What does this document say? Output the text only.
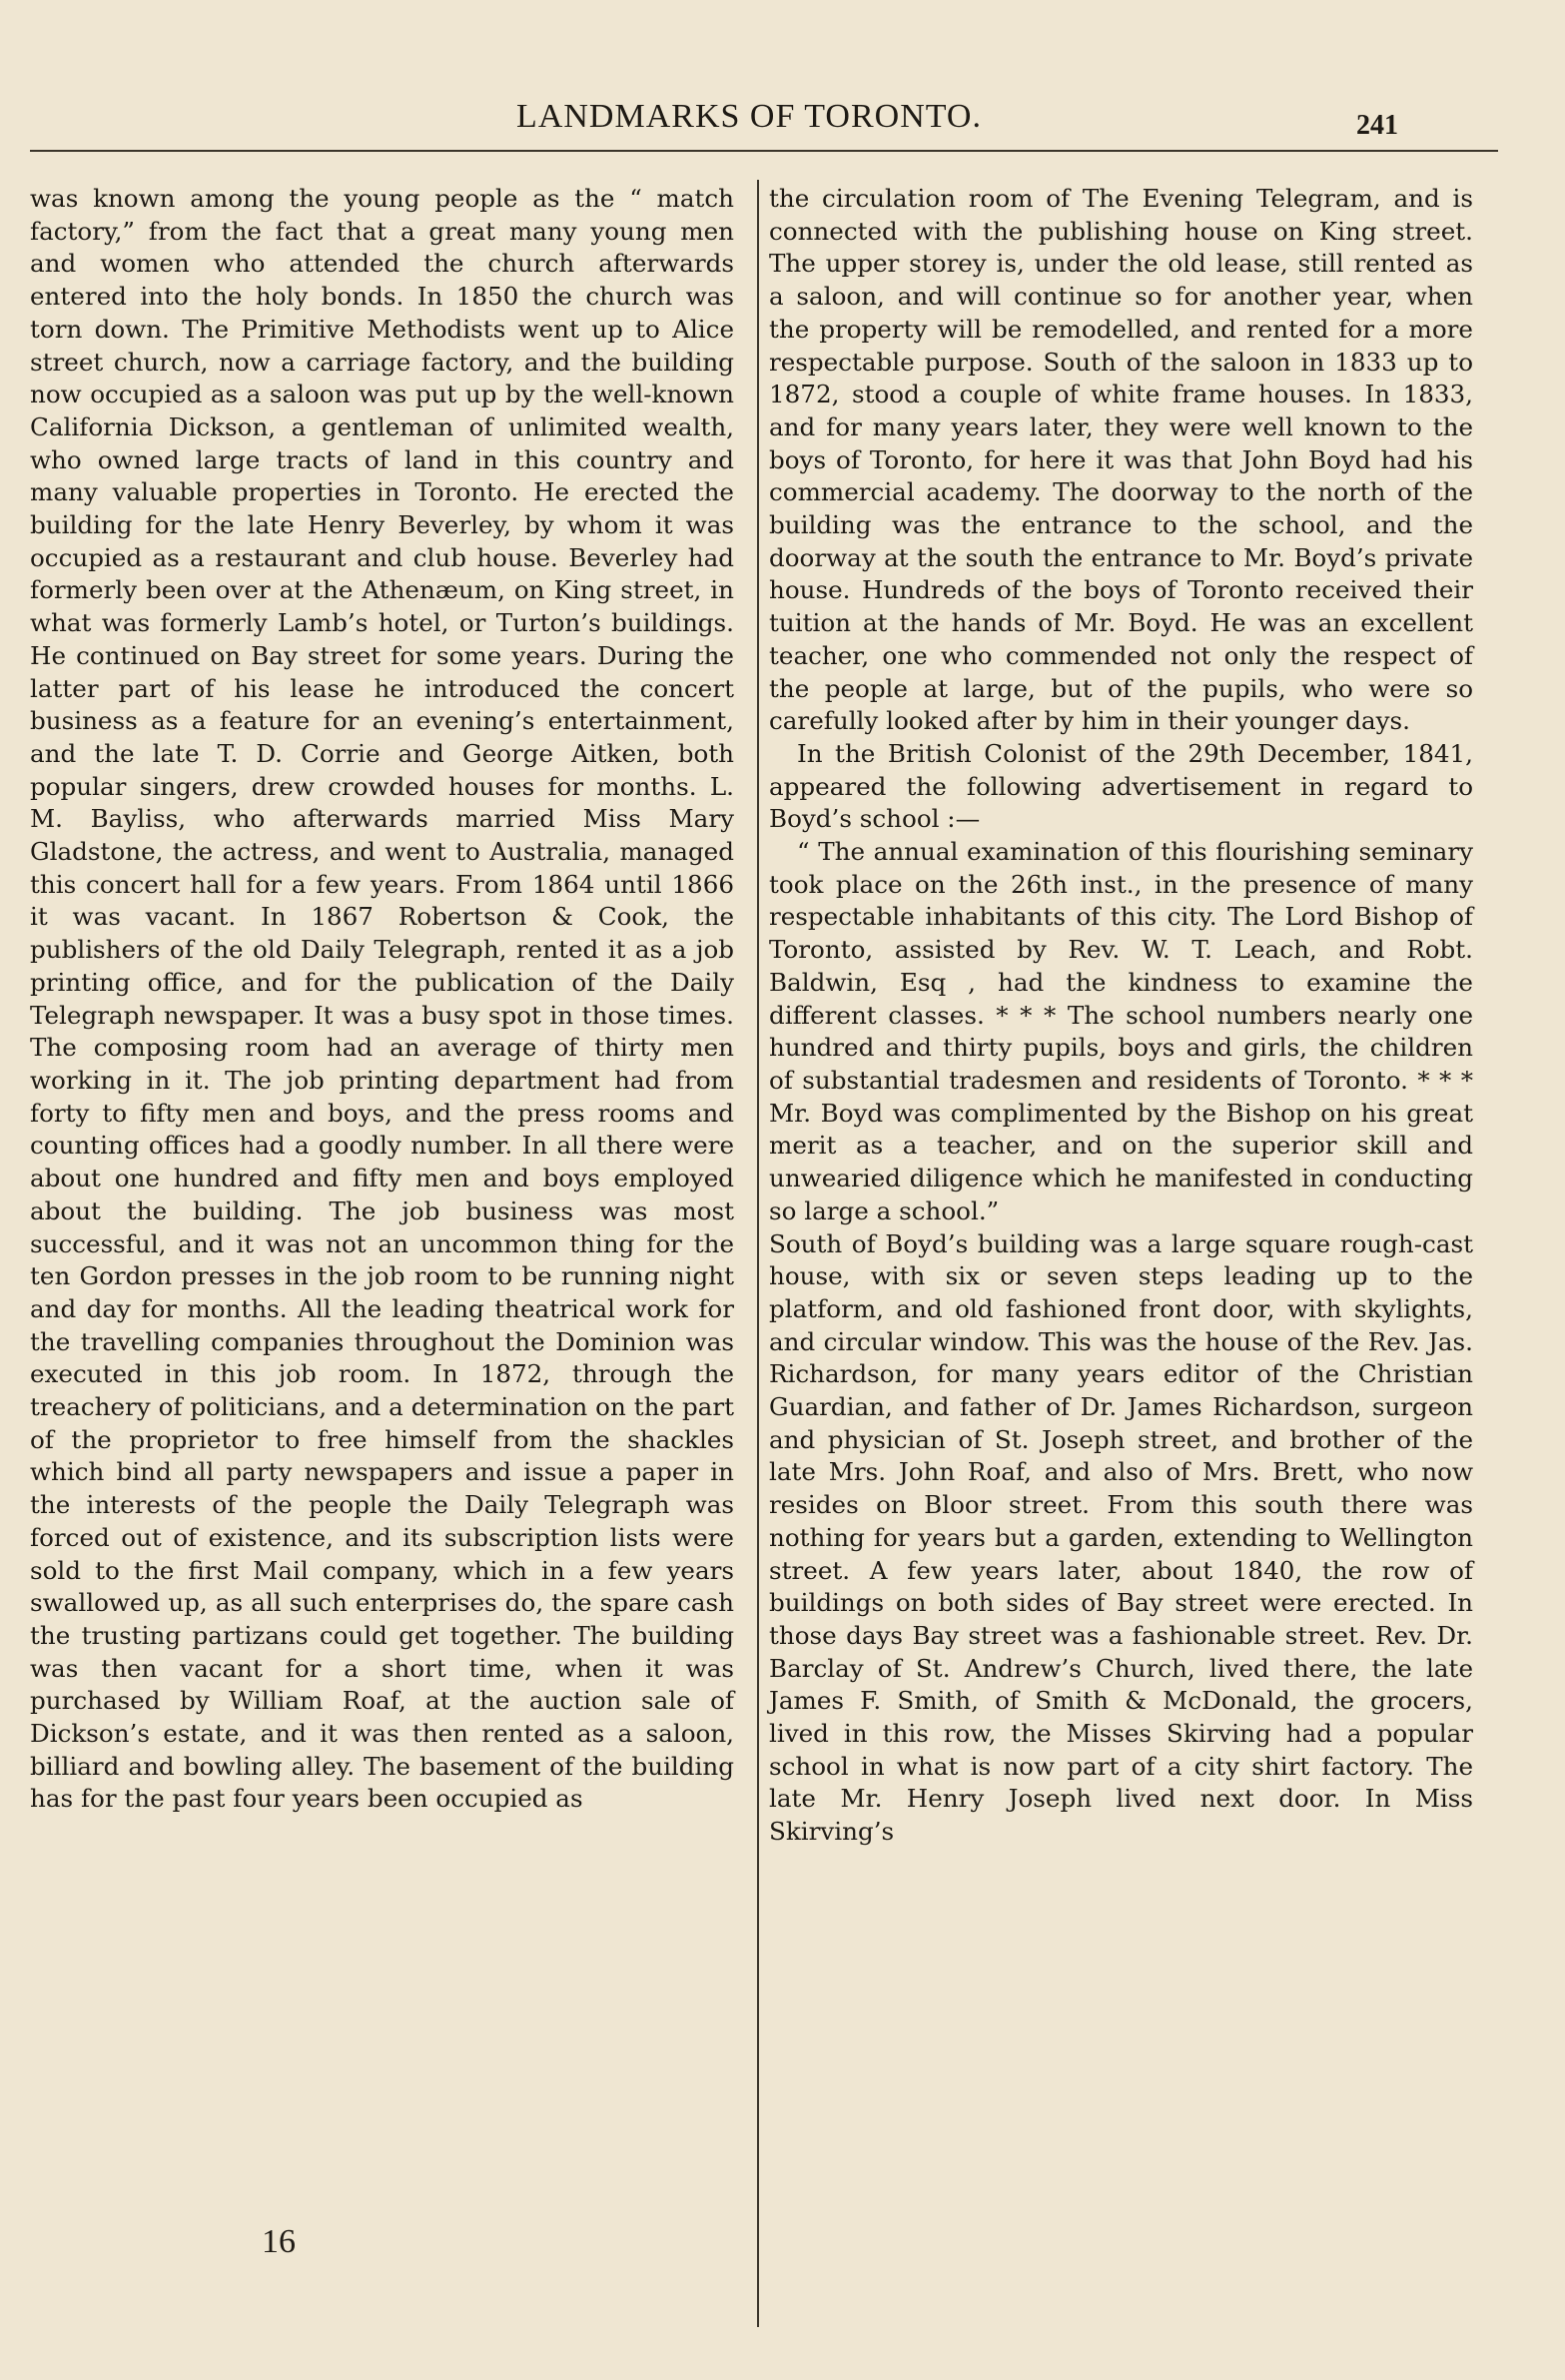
LANDMARKS OF TORONTO.	241

was known among the young people as the “ match factory,” from the fact that a great many young men and women who attended the church afterwards entered into the holy bonds. In 1850 the church was torn down. The Primitive Methodists went up to Alice street church, now a carriage factory, and the building now occupied as a saloon was put up by the well-known California Dickson, a gentleman of unlimited wealth, who owned large tracts of land in this country and many valuable properties in Toronto. He erected the building for the late Henry Beverley, by whom it was occupied as a restaurant and club house. Beverley had formerly been over at the Athenæum, on King street, in what was formerly Lamb’s hotel, or Turton’s buildings. He continued on Bay street for some years. During the latter part of his lease he introduced the concert business as a feature for an evening’s entertainment, and the late T. D. Corrie and George Aitken, both popular singers, drew crowded houses for months. L. M. Bayliss, who afterwards married Miss Mary Gladstone, the actress, and went to Australia, managed this concert hall for a few years. From 1864 until 1866 it was vacant. In 1867 Robertson & Cook, the publishers of the old Daily Telegraph, rented it as a job printing office, and for the publication of the Daily Telegraph newspaper. It was a busy spot in those times. The composing room had an average of thirty men working in it. The job printing department had from forty to fifty men and boys, and the press rooms and counting offices had a goodly number. In all there were about one hundred and fifty men and boys employed about the building. The job business was most successful, and it was not an uncommon thing for the ten Gordon presses in the job room to be running night and day for months. All the leading theatrical work for the travelling companies throughout the Dominion was executed in this job room. In 1872, through the treachery of politicians, and a determination on the part of the proprietor to free himself from the shackles which bind all party newspapers and issue a paper in the interests of the people the Daily Telegraph was forced out of existence, and its subscription lists were sold to the first Mail company, which in a few years swallowed up, as all such enterprises do, the spare cash the trusting partizans could get together. The building was then vacant for a short time, when it was purchased by William Roaf, at the auction sale of Dickson’s estate, and it was then rented as a saloon, billiard and bowling alley. The basement of the building has for the past four years been occupied as

the circulation room of The Evening Telegram, and is connected with the publishing house on King street. The upper storey is, under the old lease, still rented as a saloon, and will continue so for another year, when the property will be remodelled, and rented for a more respectable purpose. South of the saloon in 1833 up to 1872, stood a couple of white frame houses. In 1833, and for many years later, they were well known to the boys of Toronto, for here it was that John Boyd had his commercial academy. The doorway to the north of the building was the entrance to the school, and the doorway at the south the entrance to Mr. Boyd’s private house. Hundreds of the boys of Toronto received their tuition at the hands of Mr. Boyd. He was an excellent teacher, one who commended not only the respect of the people at large, but of the pupils, who were so carefully looked after by him in their younger days.

In the British Colonist of the 29th December, 1841, appeared the following advertisement in regard to Boyd’s school :—

“ The annual examination of this flourishing seminary took place on the 26th inst., in the presence of many respectable inhabitants of this city. The Lord Bishop of Toronto, assisted by Rev. W. T. Leach, and Robt. Baldwin, Esq , had the kindness to examine the different classes. * * * The school numbers nearly one hundred and thirty pupils, boys and girls, the children of substantial tradesmen and residents of Toronto. * * * Mr. Boyd was complimented by the Bishop on his great merit as a teacher, and on the superior skill and unwearied diligence which he manifested in conducting so large a school.”

South of Boyd’s building was a large square rough-cast house, with six or seven steps leading up to the platform, and old fashioned front door, with skylights, and circular window. This was the house of the Rev. Jas. Richardson, for many years editor of the Christian Guardian, and father of Dr. James Richardson, surgeon and physician of St. Joseph street, and brother of the late Mrs. John Roaf, and also of Mrs. Brett, who now resides on Bloor street. From this south there was nothing for years but a garden, extending to Wellington street. A few years later, about 1840, the row of buildings on both sides of Bay street were erected. In those days Bay street was a fashionable street. Rev. Dr. Barclay of St. Andrew’s Church, lived there, the late James F. Smith, of Smith & McDonald, the grocers, lived in this row, the Misses Skirving had a popular school in what is now part of a city shirt factory. The late Mr. Henry Joseph lived next door. In Miss Skirving’s

16
